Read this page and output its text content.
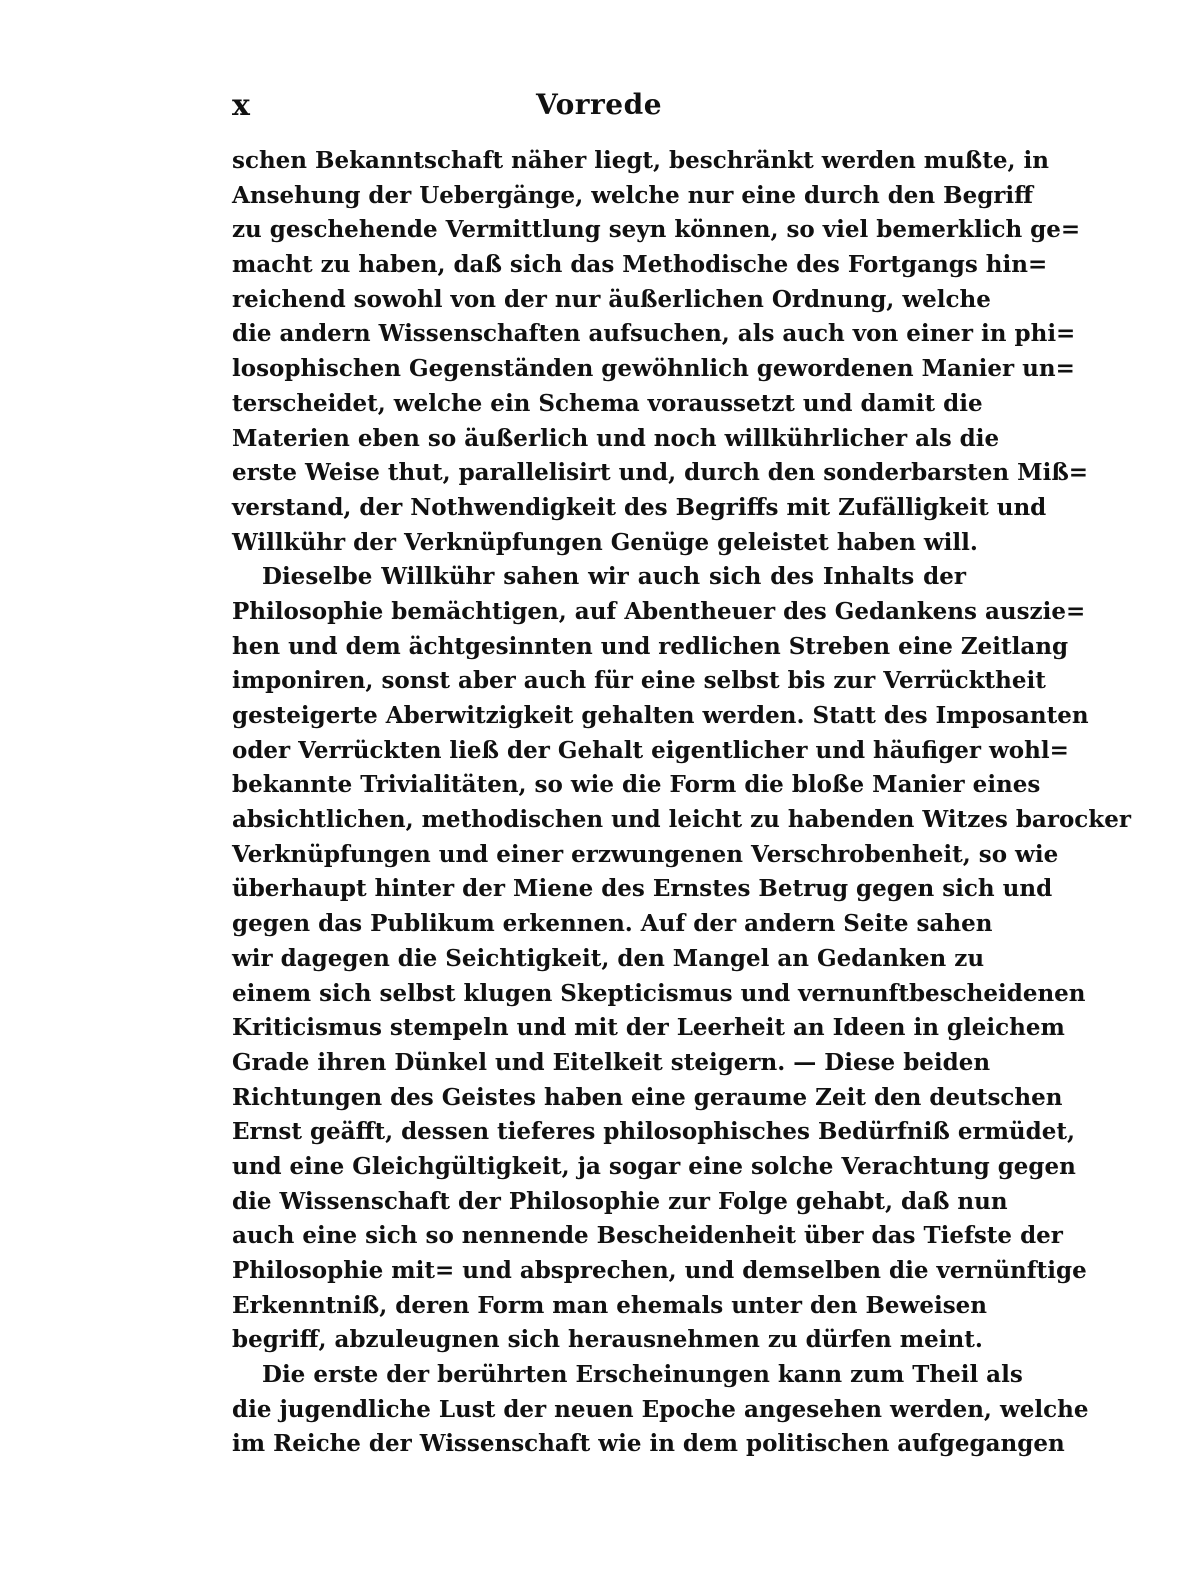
x	Vorrede
schen Bekanntschaft näher liegt, beschränkt werden mußte, in
Ansehung der Uebergänge, welche nur eine durch den Begriff
zu geschehende Vermittlung seyn können, so viel bemerklich ge=
macht zu haben, daß sich das Methodische des Fortgangs hin=
reichend sowohl von der nur äußerlichen Ordnung, welche
die andern Wissenschaften aufsuchen, als auch von einer in phi=
losophischen Gegenständen gewöhnlich gewordenen Manier un=
terscheidet, welche ein Schema voraussetzt und damit die
Materien eben so äußerlich und noch willkührlicher als die
erste Weise thut, parallelisirt und, durch den sonderbarsten Miß=
verstand, der Nothwendigkeit des Begriffs mit Zufälligkeit und
Willkühr der Verknüpfungen Genüge geleistet haben will.
Dieselbe Willkühr sahen wir auch sich des Inhalts der
Philosophie bemächtigen, auf Abentheuer des Gedankens auszie=
hen und dem ächtgesinnten und redlichen Streben eine Zeitlang
imponiren, sonst aber auch für eine selbst bis zur Verrücktheit
gesteigerte Aberwitzigkeit gehalten werden. Statt des Imposanten
oder Verrückten ließ der Gehalt eigentlicher und häufiger wohl=
bekannte Trivialitäten, so wie die Form die bloße Manier eines
absichtlichen, methodischen und leicht zu habenden Witzes barocker
Verknüpfungen und einer erzwungenen Verschrobenheit, so wie
überhaupt hinter der Miene des Ernstes Betrug gegen sich und
gegen das Publikum erkennen. Auf der andern Seite sahen
wir dagegen die Seichtigkeit, den Mangel an Gedanken zu
einem sich selbst klugen Skepticismus und vernunftbescheidenen
Kriticismus stempeln und mit der Leerheit an Ideen in gleichem
Grade ihren Dünkel und Eitelkeit steigern. — Diese beiden
Richtungen des Geistes haben eine geraume Zeit den deutschen
Ernst geäfft, dessen tieferes philosophisches Bedürfniß ermüdet,
und eine Gleichgültigkeit, ja sogar eine solche Verachtung gegen
die Wissenschaft der Philosophie zur Folge gehabt, daß nun
auch eine sich so nennende Bescheidenheit über das Tiefste der
Philosophie mit= und absprechen, und demselben die vernünftige
Erkenntniß, deren Form man ehemals unter den Beweisen
begriff, abzuleugnen sich herausnehmen zu dürfen meint.
Die erste der berührten Erscheinungen kann zum Theil als
die jugendliche Lust der neuen Epoche angesehen werden, welche
im Reiche der Wissenschaft wie in dem politischen aufgegangen
